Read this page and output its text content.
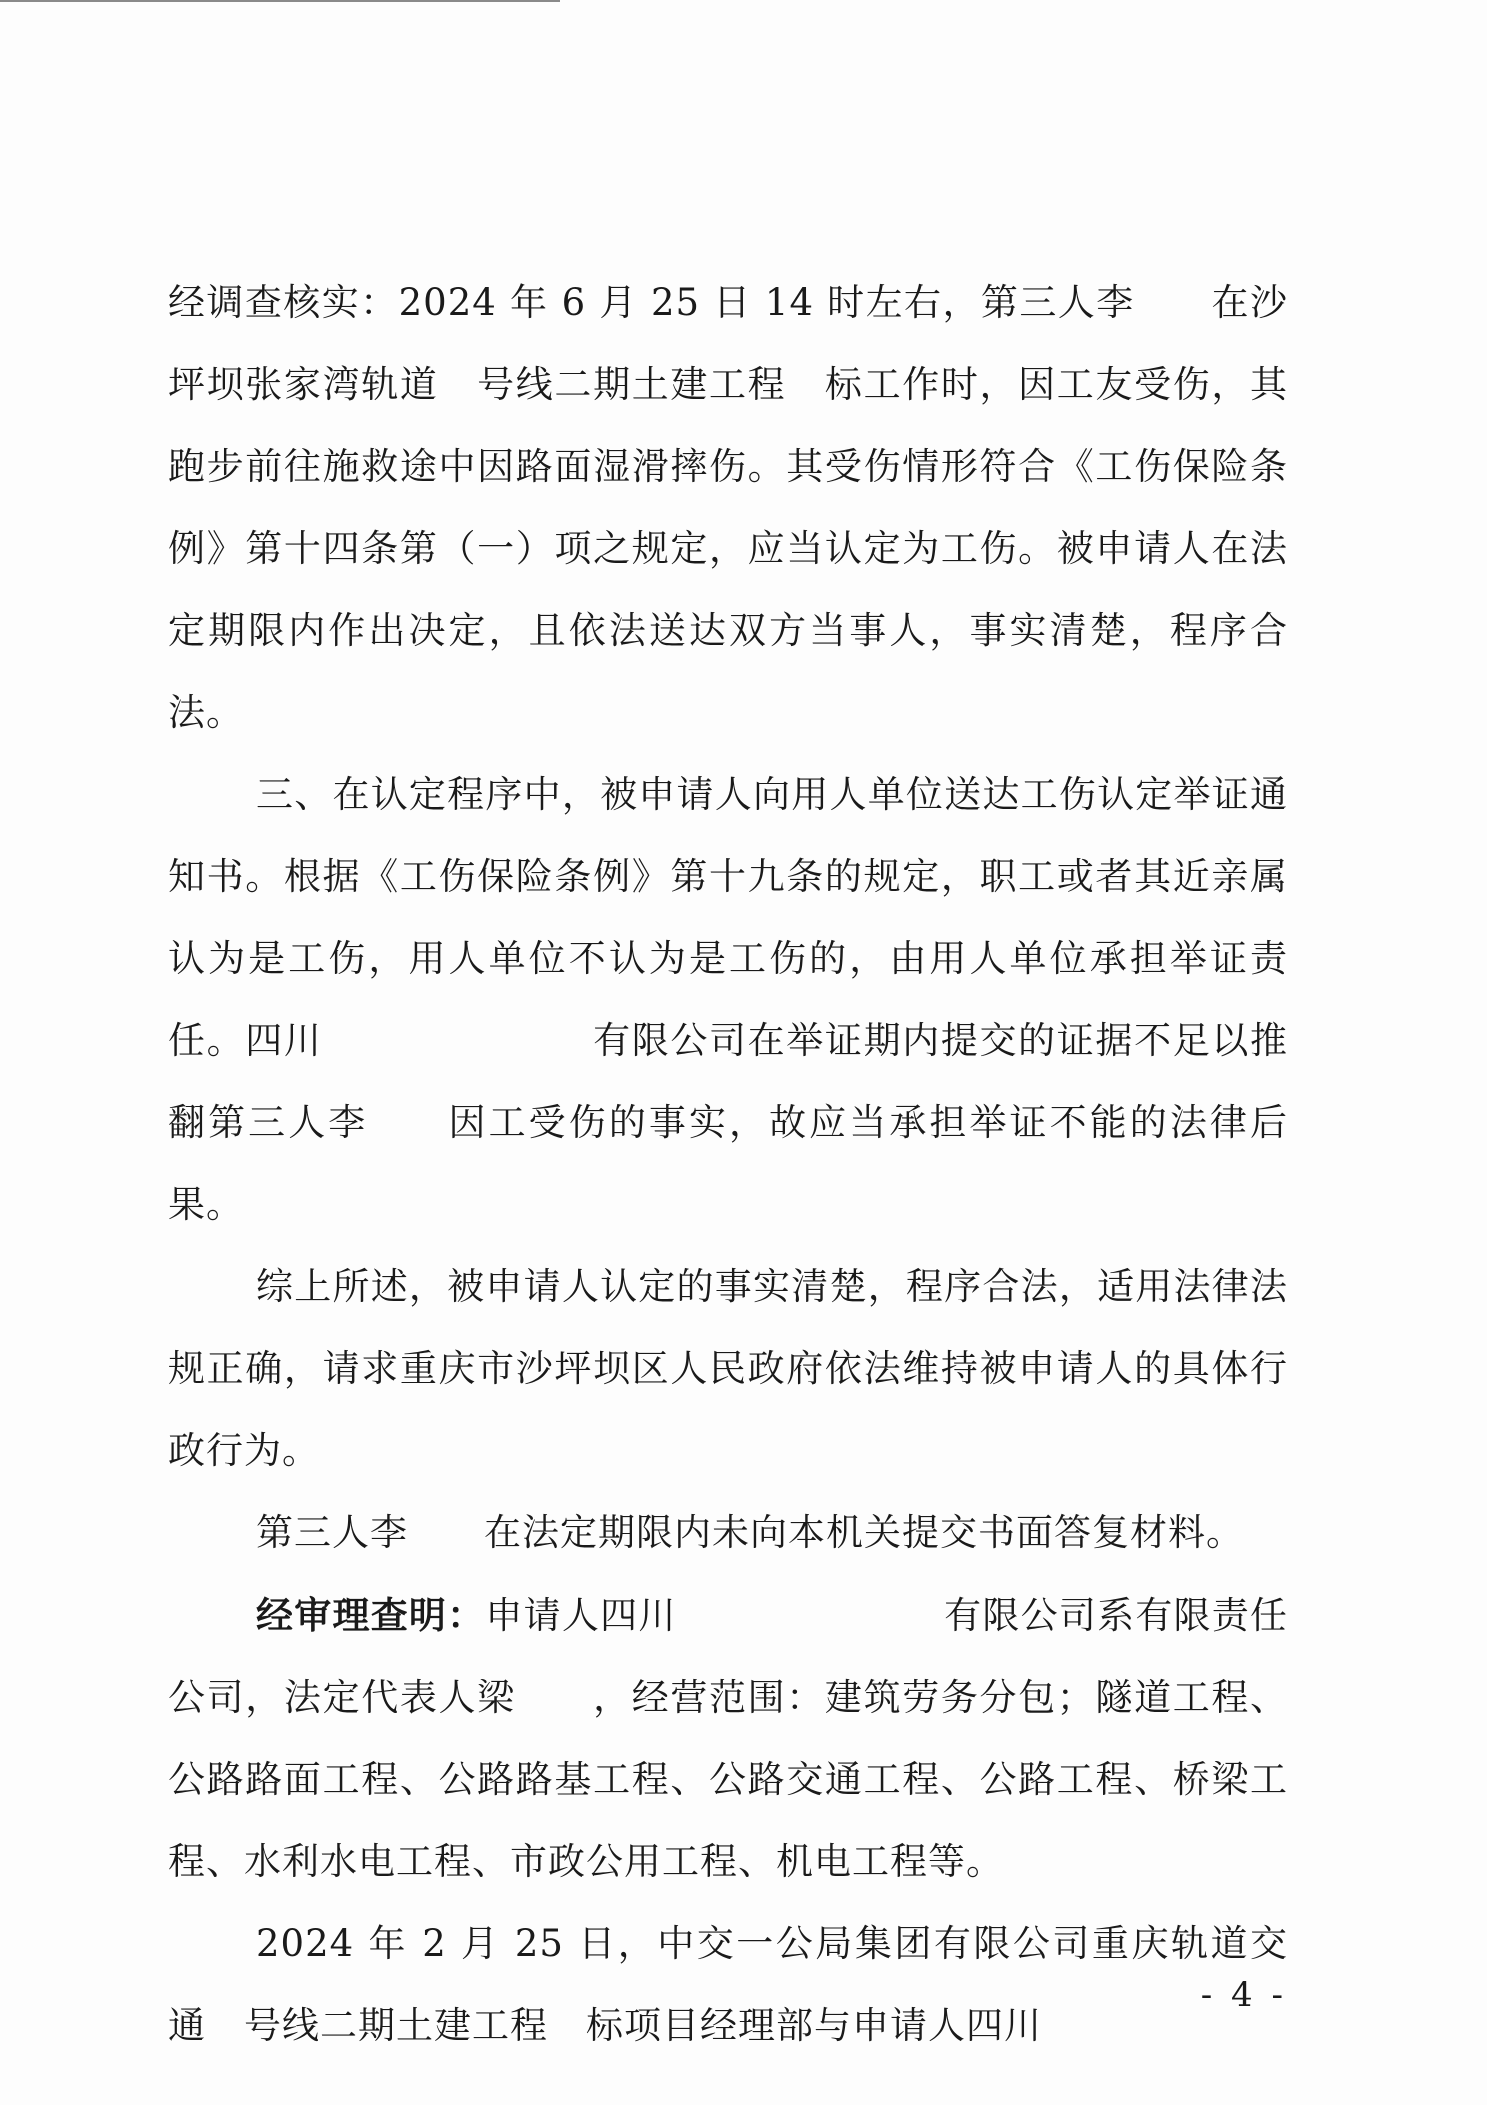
经调查核实：2024 年 6 月 25 日 14 时左右，第三人李　　在沙坪坝张家湾轨道　号线二期土建工程　标工作时，因工友受伤，其跑步前往施救途中因路面湿滑摔伤。其受伤情形符合《工伤保险条例》第十四条第（一）项之规定，应当认定为工伤。被申请人在法定期限内作出决定，且依法送达双方当事人，事实清楚，程序合法。

三、在认定程序中，被申请人向用人单位送达工伤认定举证通知书。根据《工伤保险条例》第十九条的规定，职工或者其近亲属认为是工伤，用人单位不认为是工伤的，由用人单位承担举证责任。四川　　　　　　　有限公司在举证期内提交的证据不足以推翻第三人李　　因工受伤的事实，故应当承担举证不能的法律后果。

综上所述，被申请人认定的事实清楚，程序合法，适用法律法规正确，请求重庆市沙坪坝区人民政府依法维持被申请人的具体行政行为。

第三人李　　在法定期限内未向本机关提交书面答复材料。

经审理查明：申请人四川　　　　　　　有限公司系有限责任公司，法定代表人梁　　，经营范围：建筑劳务分包；隧道工程、公路路面工程、公路路基工程、公路交通工程、公路工程、桥梁工程、水利水电工程、市政公用工程、机电工程等。

2024 年 2 月 25 日，中交一公局集团有限公司重庆轨道交通　号线二期土建工程　标项目经理部与申请人四川

- 4 -
